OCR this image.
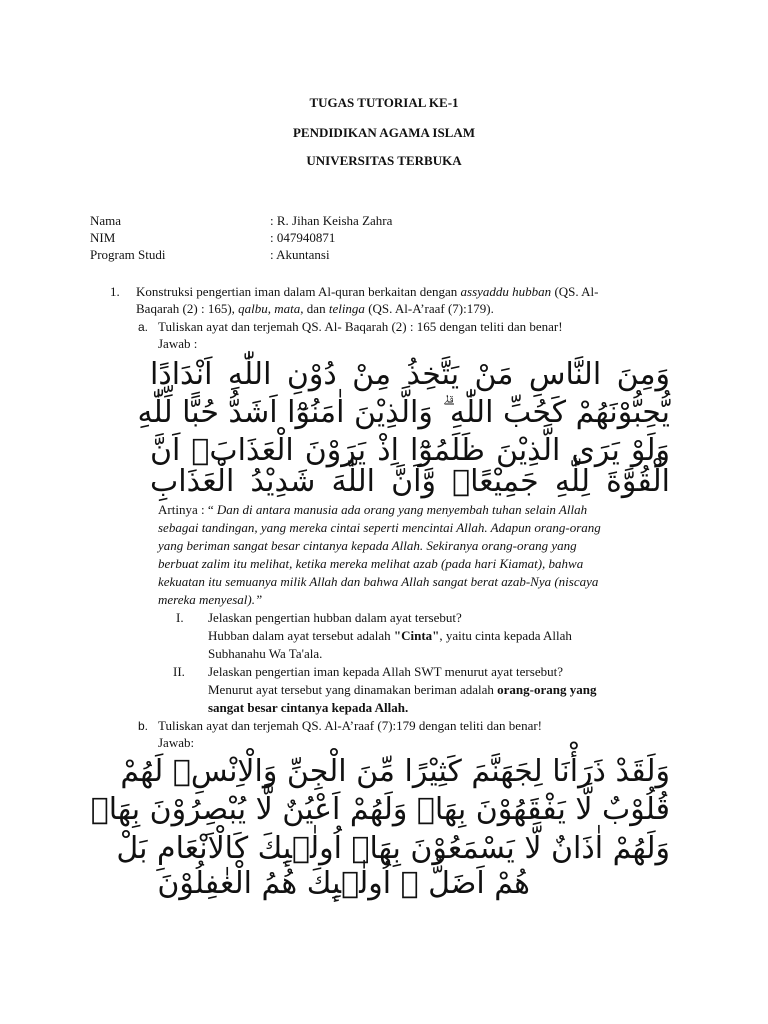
TUGAS TUTORIAL KE-1
PENDIDIKAN AGAMA ISLAM
UNIVERSITAS TERBUKA
Nama	: R. Jihan Keisha Zahra
NIM	: 047940871
Program Studi	: Akuntansi
1. Konstruksi pengertian iman dalam Al-quran berkaitan dengan assyaddu hubban (QS. Al-
Baqarah (2) : 165), qalbu, mata, dan telinga (QS. Al-A’raaf (7):179).
a. Tuliskan ayat dan terjemah QS. Al- Baqarah (2) : 165 dengan teliti dan benar!
Jawab :
وَمِنَ النَّاسِ مَنْ يَتَّخِذُ مِنْ دُوْنِ اللّٰهِ اَنْدَادًا
يُّحِبُّوْنَهُمْ كَحُبِّ اللّٰهِ ۗ وَالَّذِيْنَ اٰمَنُوْٓا اَشَدُّ حُبًّا لِّلّٰهِ
وَلَوْ يَرَى الَّذِيْنَ ظَلَمُوْٓا اِذْ يَرَوْنَ الْعَذَابَۙ اَنَّ
الْقُوَّةَ لِلّٰهِ جَمِيْعًاۙ وَّاَنَّ اللّٰهَ شَدِيْدُ الْعَذَابِ
Artinya : “ Dan di antara manusia ada orang yang menyembah tuhan selain Allah
sebagai tandingan, yang mereka cintai seperti mencintai Allah. Adapun orang-orang
yang beriman sangat besar cintanya kepada Allah. Sekiranya orang-orang yang
berbuat zalim itu melihat, ketika mereka melihat azab (pada hari Kiamat), bahwa
kekuatan itu semuanya milik Allah dan bahwa Allah sangat berat azab-Nya (niscaya
mereka menyesal).”
I. Jelaskan pengertian hubban dalam ayat tersebut?
Hubban dalam ayat tersebut adalah "Cinta", yaitu cinta kepada Allah
Subhanahu Wa Ta'ala.
II. Jelaskan pengertian iman kepada Allah SWT menurut ayat tersebut?
Menurut ayat tersebut yang dinamakan beriman adalah orang-orang yang
sangat besar cintanya kepada Allah.
b. Tuliskan ayat dan terjemah QS. Al-A’raaf (7):179 dengan teliti dan benar!
Jawab:
وَلَقَدْ ذَرَأْنَا لِجَهَنَّمَ كَثِيْرًا مِّنَ الْجِنِّ وَالْاِنْسِۖ لَهُمْ
قُلُوْبٌ لَّا يَفْقَهُوْنَ بِهَاۖ وَلَهُمْ اَعْيُنٌ لَّا يُبْصِرُوْنَ بِهَاۖ
وَلَهُمْ اٰذَانٌ لَّا يَسْمَعُوْنَ بِهَاۗ اُولٰۤىِٕكَ كَالْاَنْعَامِ بَلْ
هُمْ اَضَلُّ ۗ اُولٰۤىِٕكَ هُمُ الْغٰفِلُوْنَ
